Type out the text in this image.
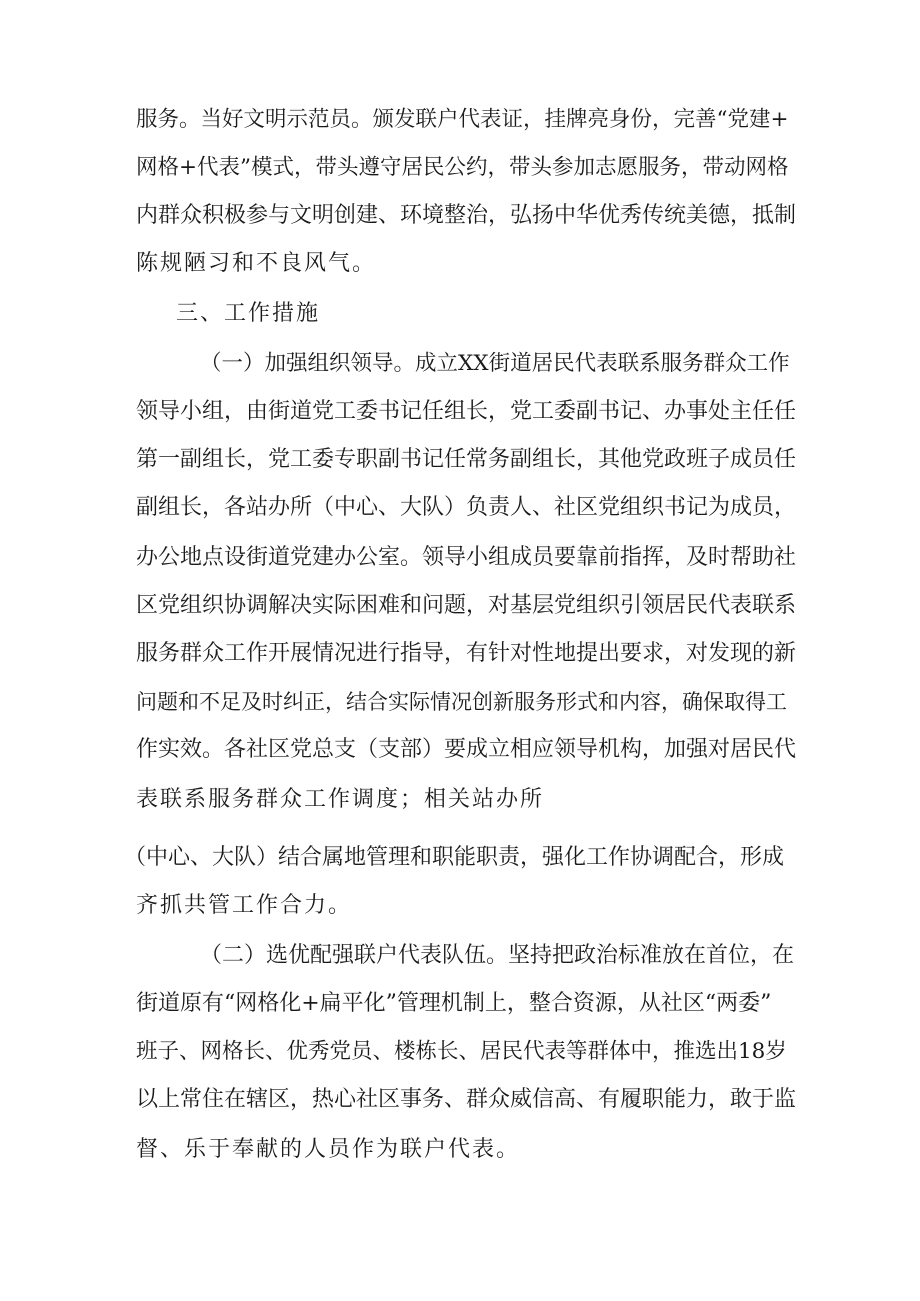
服务。当好文明示范员。颁发联户代表证，挂牌亮身份，完善“党建+
网格+代表”模式，带头遵守居民公约，带头参加志愿服务，带动网格
内群众积极参与文明创建、环境整治，弘扬中华优秀传统美德，抵制
陈规陋习和不良风气。
三、工作措施
（一）加强组织领导。成立XX街道居民代表联系服务群众工作
领导小组，由街道党工委书记任组长，党工委副书记、办事处主任任
第一副组长，党工委专职副书记任常务副组长，其他党政班子成员任
副组长，各站办所（中心、大队）负责人、社区党组织书记为成员，
办公地点设街道党建办公室。领导小组成员要靠前指挥，及时帮助社
区党组织协调解决实际困难和问题，对基层党组织引领居民代表联系
服务群众工作开展情况进行指导，有针对性地提出要求，对发现的新
问题和不足及时纠正，结合实际情况创新服务形式和内容，确保取得工
作实效。各社区党总支（支部）要成立相应领导机构，加强对居民代
表联系服务群众工作调度；相关站办所
（中心、大队）结合属地管理和职能职责，强化工作协调配合，形成
齐抓共管工作合力。
（二）选优配强联户代表队伍。坚持把政治标准放在首位，在
街道原有“网格化+扁平化”管理机制上，整合资源，从社区“两委”
班子、网格长、优秀党员、楼栋长、居民代表等群体中，推选出18岁
以上常住在辖区，热心社区事务、群众威信高、有履职能力，敢于监
督、乐于奉献的人员作为联户代表。
